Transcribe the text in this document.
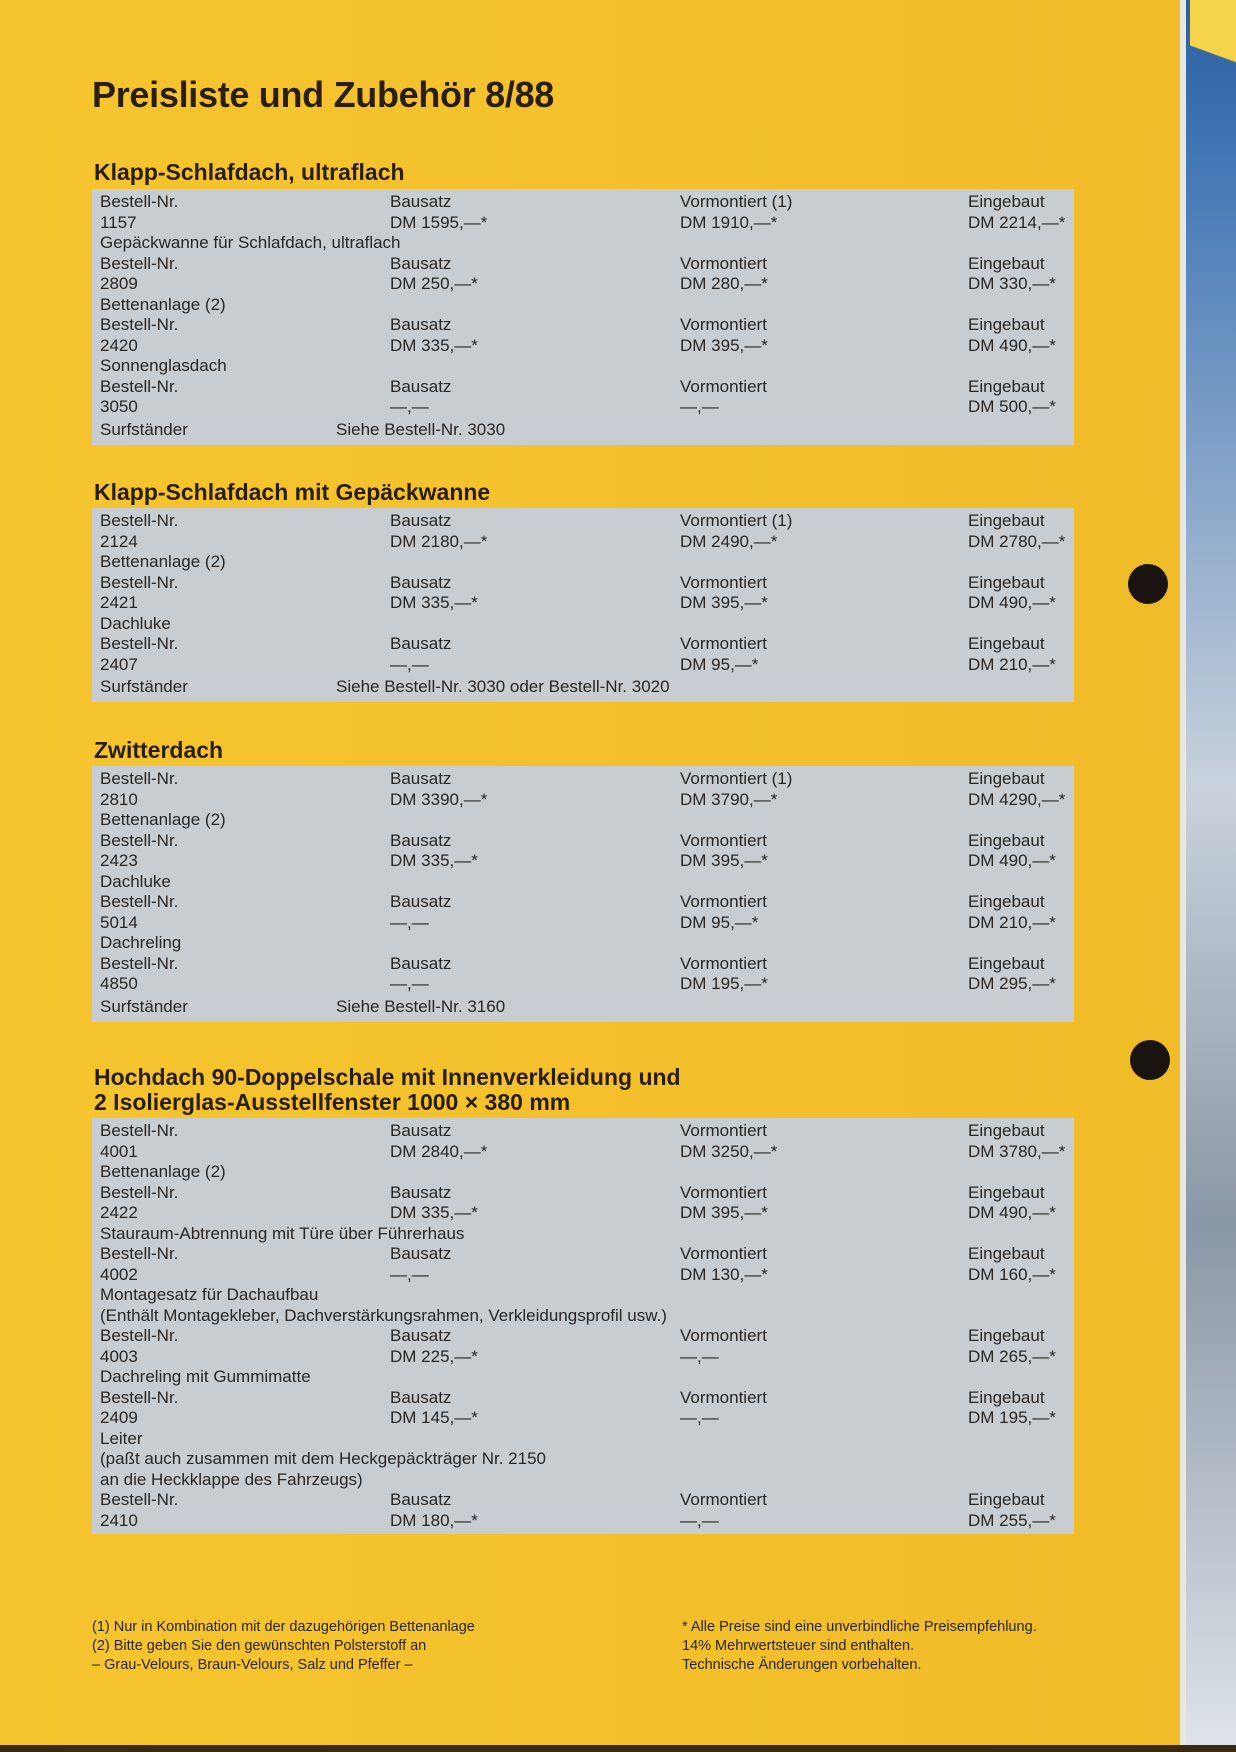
Preisliste und Zubehör 8/88
Klapp-Schlafdach, ultraflach
Bestell-Nr.	Bausatz	Vormontiert (1)	Eingebaut
1157	DM 1595,—*	DM 1910,—*	DM 2214,—*
Gepäckwanne für Schlafdach, ultraflach
Bestell-Nr.	Bausatz	Vormontiert	Eingebaut
2809	DM 250,—*	DM 280,—*	DM 330,—*
Bettenanlage (2)
Bestell-Nr.	Bausatz	Vormontiert	Eingebaut
2420	DM 335,—*	DM 395,—*	DM 490,—*
Sonnenglasdach
Bestell-Nr.	Bausatz	Vormontiert	Eingebaut
3050	—,—	—,—	DM 500,—*
Surfständer	Siehe Bestell-Nr. 3030
Klapp-Schlafdach mit Gepäckwanne
Bestell-Nr.	Bausatz	Vormontiert (1)	Eingebaut
2124	DM 2180,—*	DM 2490,—*	DM 2780,—*
Bettenanlage (2)
Bestell-Nr.	Bausatz	Vormontiert	Eingebaut
2421	DM 335,—*	DM 395,—*	DM 490,—*
Dachluke
Bestell-Nr.	Bausatz	Vormontiert	Eingebaut
2407	—,—	DM 95,—*	DM 210,—*
Surfständer	Siehe Bestell-Nr. 3030 oder Bestell-Nr. 3020
Zwitterdach
Bestell-Nr.	Bausatz	Vormontiert (1)	Eingebaut
2810	DM 3390,—*	DM 3790,—*	DM 4290,—*
Bettenanlage (2)
Bestell-Nr.	Bausatz	Vormontiert	Eingebaut
2423	DM 335,—*	DM 395,—*	DM 490,—*
Dachluke
Bestell-Nr.	Bausatz	Vormontiert	Eingebaut
5014	—,—	DM 95,—*	DM 210,—*
Dachreling
Bestell-Nr.	Bausatz	Vormontiert	Eingebaut
4850	—,—	DM 195,—*	DM 295,—*
Surfständer	Siehe Bestell-Nr. 3160
Hochdach 90-Doppelschale mit Innenverkleidung und
2 Isolierglas-Ausstellfenster 1000 × 380 mm
Bestell-Nr.	Bausatz	Vormontiert	Eingebaut
4001	DM 2840,—*	DM 3250,—*	DM 3780,—*
Bettenanlage (2)
Bestell-Nr.	Bausatz	Vormontiert	Eingebaut
2422	DM 335,—*	DM 395,—*	DM 490,—*
Stauraum-Abtrennung mit Türe über Führerhaus
Bestell-Nr.	Bausatz	Vormontiert	Eingebaut
4002	—,—	DM 130,—*	DM 160,—*
Montagesatz für Dachaufbau
(Enthält Montagekleber, Dachverstärkungsrahmen, Verkleidungsprofil usw.)
Bestell-Nr.	Bausatz	Vormontiert	Eingebaut
4003	DM 225,—*	—,—	DM 265,—*
Dachreling mit Gummimatte
Bestell-Nr.	Bausatz	Vormontiert	Eingebaut
2409	DM 145,—*	—,—	DM 195,—*
Leiter
(paßt auch zusammen mit dem Heckgepäckträger Nr. 2150
an die Heckklappe des Fahrzeugs)
Bestell-Nr.	Bausatz	Vormontiert	Eingebaut
2410	DM 180,—*	—,—	DM 255,—*
(1) Nur in Kombination mit der dazugehörigen Bettenanlage
(2) Bitte geben Sie den gewünschten Polsterstoff an
– Grau-Velours, Braun-Velours, Salz und Pfeffer –
* Alle Preise sind eine unverbindliche Preisempfehlung.
14% Mehrwertsteuer sind enthalten.
Technische Änderungen vorbehalten.
